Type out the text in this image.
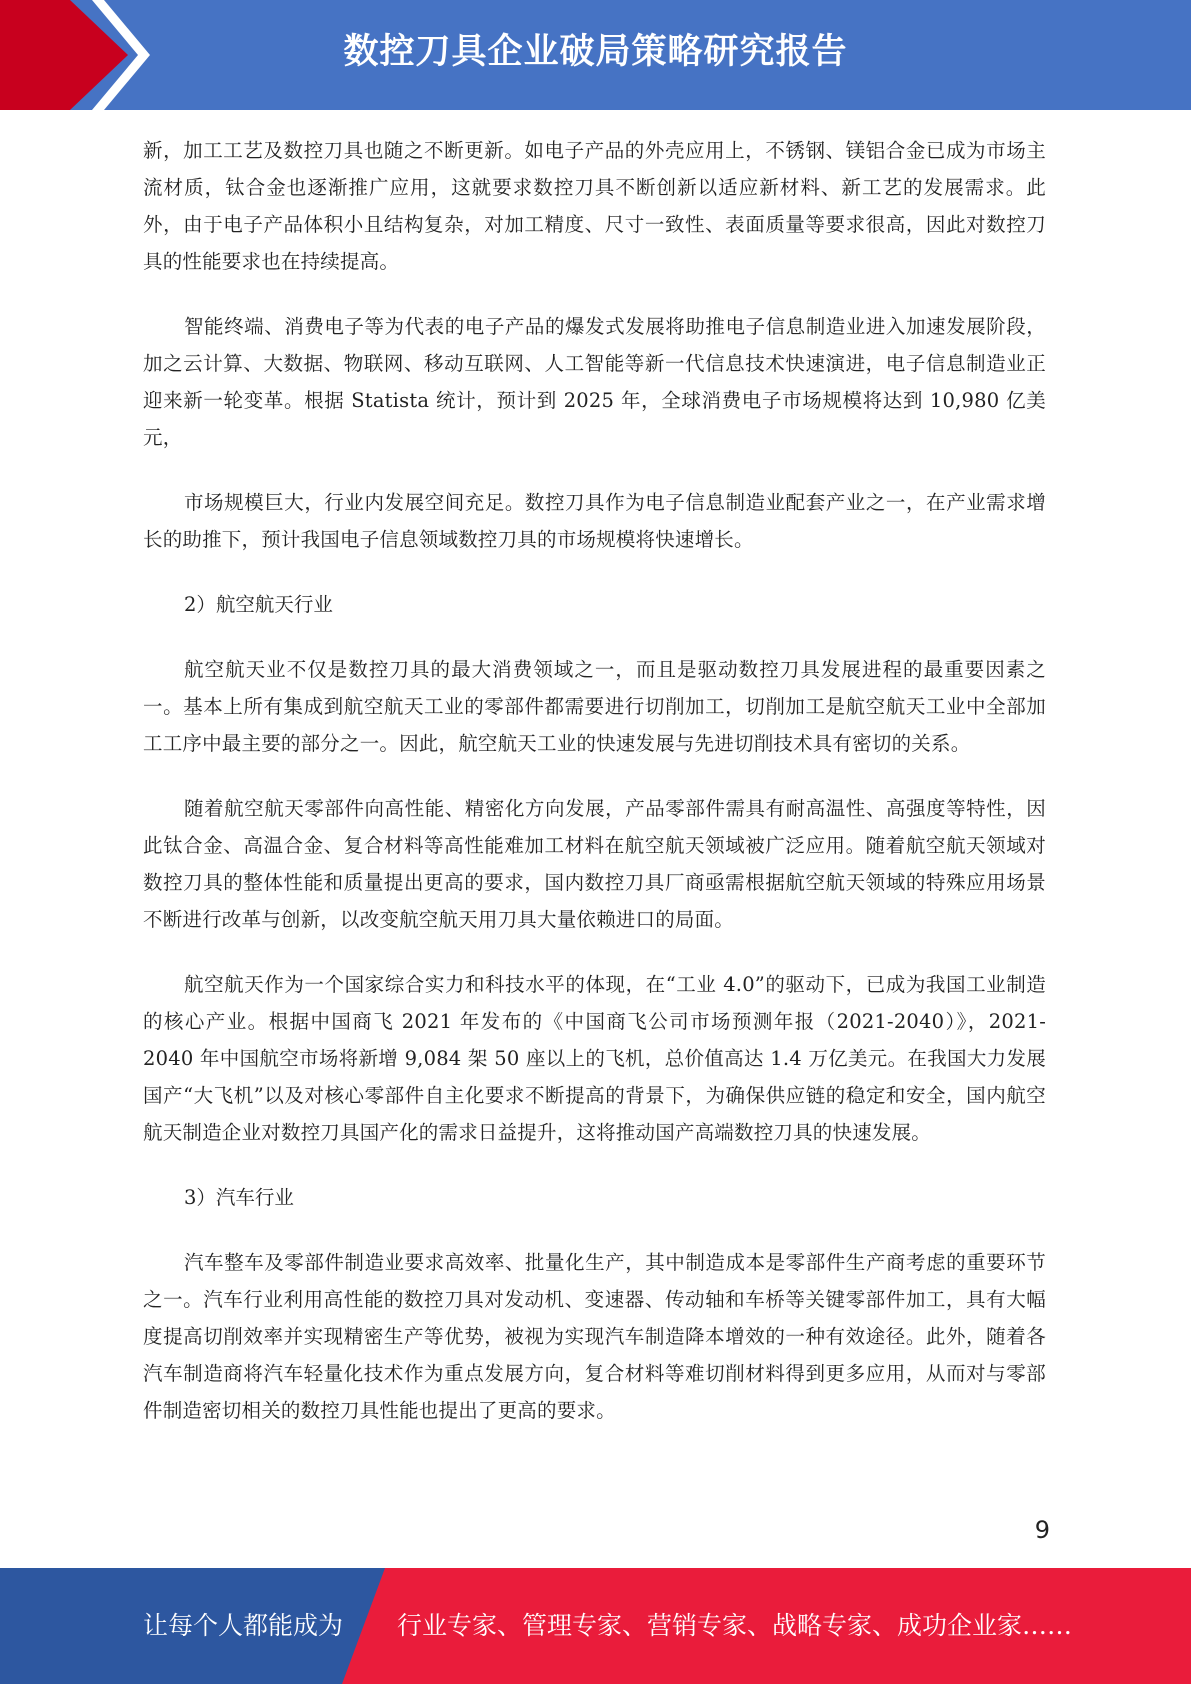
数控刀具企业破局策略研究报告

新，加工工艺及数控刀具也随之不断更新。如电子产品的外壳应用上，不锈钢、镁铝合金已成为市场主流材质，钛合金也逐渐推广应用，这就要求数控刀具不断创新以适应新材料、新工艺的发展需求。此外，由于电子产品体积小且结构复杂，对加工精度、尺寸一致性、表面质量等要求很高，因此对数控刀具的性能要求也在持续提高。

智能终端、消费电子等为代表的电子产品的爆发式发展将助推电子信息制造业进入加速发展阶段，加之云计算、大数据、物联网、移动互联网、人工智能等新一代信息技术快速演进，电子信息制造业正迎来新一轮变革。根据 Statista 统计，预计到 2025 年，全球消费电子市场规模将达到 10,980 亿美元，

市场规模巨大，行业内发展空间充足。数控刀具作为电子信息制造业配套产业之一，在产业需求增长的助推下，预计我国电子信息领域数控刀具的市场规模将快速增长。

2）航空航天行业

航空航天业不仅是数控刀具的最大消费领域之一，而且是驱动数控刀具发展进程的最重要因素之一。基本上所有集成到航空航天工业的零部件都需要进行切削加工，切削加工是航空航天工业中全部加工工序中最主要的部分之一。因此，航空航天工业的快速发展与先进切削技术具有密切的关系。

随着航空航天零部件向高性能、精密化方向发展，产品零部件需具有耐高温性、高强度等特性，因此钛合金、高温合金、复合材料等高性能难加工材料在航空航天领域被广泛应用。随着航空航天领域对数控刀具的整体性能和质量提出更高的要求，国内数控刀具厂商亟需根据航空航天领域的特殊应用场景不断进行改革与创新，以改变航空航天用刀具大量依赖进口的局面。

航空航天作为一个国家综合实力和科技水平的体现，在“工业 4.0”的驱动下，已成为我国工业制造的核心产业。根据中国商飞 2021 年发布的《中国商飞公司市场预测年报（2021-2040）》，2021-2040 年中国航空市场将新增 9,084 架 50 座以上的飞机，总价值高达 1.4 万亿美元。在我国大力发展国产“大飞机”以及对核心零部件自主化要求不断提高的背景下，为确保供应链的稳定和安全，国内航空航天制造企业对数控刀具国产化的需求日益提升，这将推动国产高端数控刀具的快速发展。

3）汽车行业

汽车整车及零部件制造业要求高效率、批量化生产，其中制造成本是零部件生产商考虑的重要环节之一。汽车行业利用高性能的数控刀具对发动机、变速器、传动轴和车桥等关键零部件加工，具有大幅度提高切削效率并实现精密生产等优势，被视为实现汽车制造降本增效的一种有效途径。此外，随着各汽车制造商将汽车轻量化技术作为重点发展方向，复合材料等难切削材料得到更多应用，从而对与零部件制造密切相关的数控刀具性能也提出了更高的要求。

9
让每个人都能成为 行业专家、管理专家、营销专家、战略专家、成功企业家……
